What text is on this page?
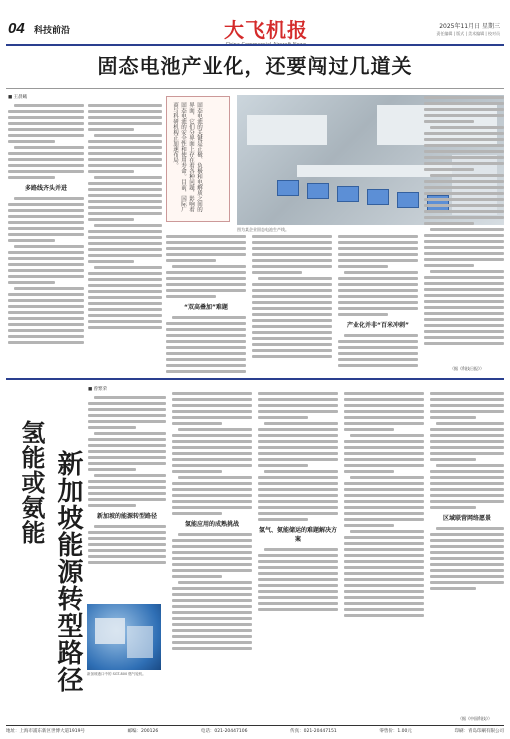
04 科技前沿	大飞机报	2025年11月日 星期三
责任编辑 | 版式 | 美术编辑 | 校对员
固态电池产业化，还要闯过几道关
■ 王晨曦
多路线齐头并进	固态电池的关键是正极、负极和电解质之间的界面，它们分界面上存在着各种问题，影响着固态电池的安全性和使用寿命。目前，国际厂商与科研机构正加速布局。

图为某企业固态电池生产线。
“双高叠加”难题
产业化并非“百米冲刺”
（据《科技日报》）
■ 曾繁荣
氢能或氨能 新加坡能源转型路径	新加坡的能源转型路径
新加坡港口中的 SGT-800 燃气轮机。
氢能应用的成熟挑战
氢气、氨能储运的难题解决方案
区域联营网络愿景
（据《中国科技》）
地址：上海市浦东新区世博大道1919号	邮编：200126	电话：021-20447106	传真：021-20447151	零售价：1.00元	印刷：青岛印刷有限公司
